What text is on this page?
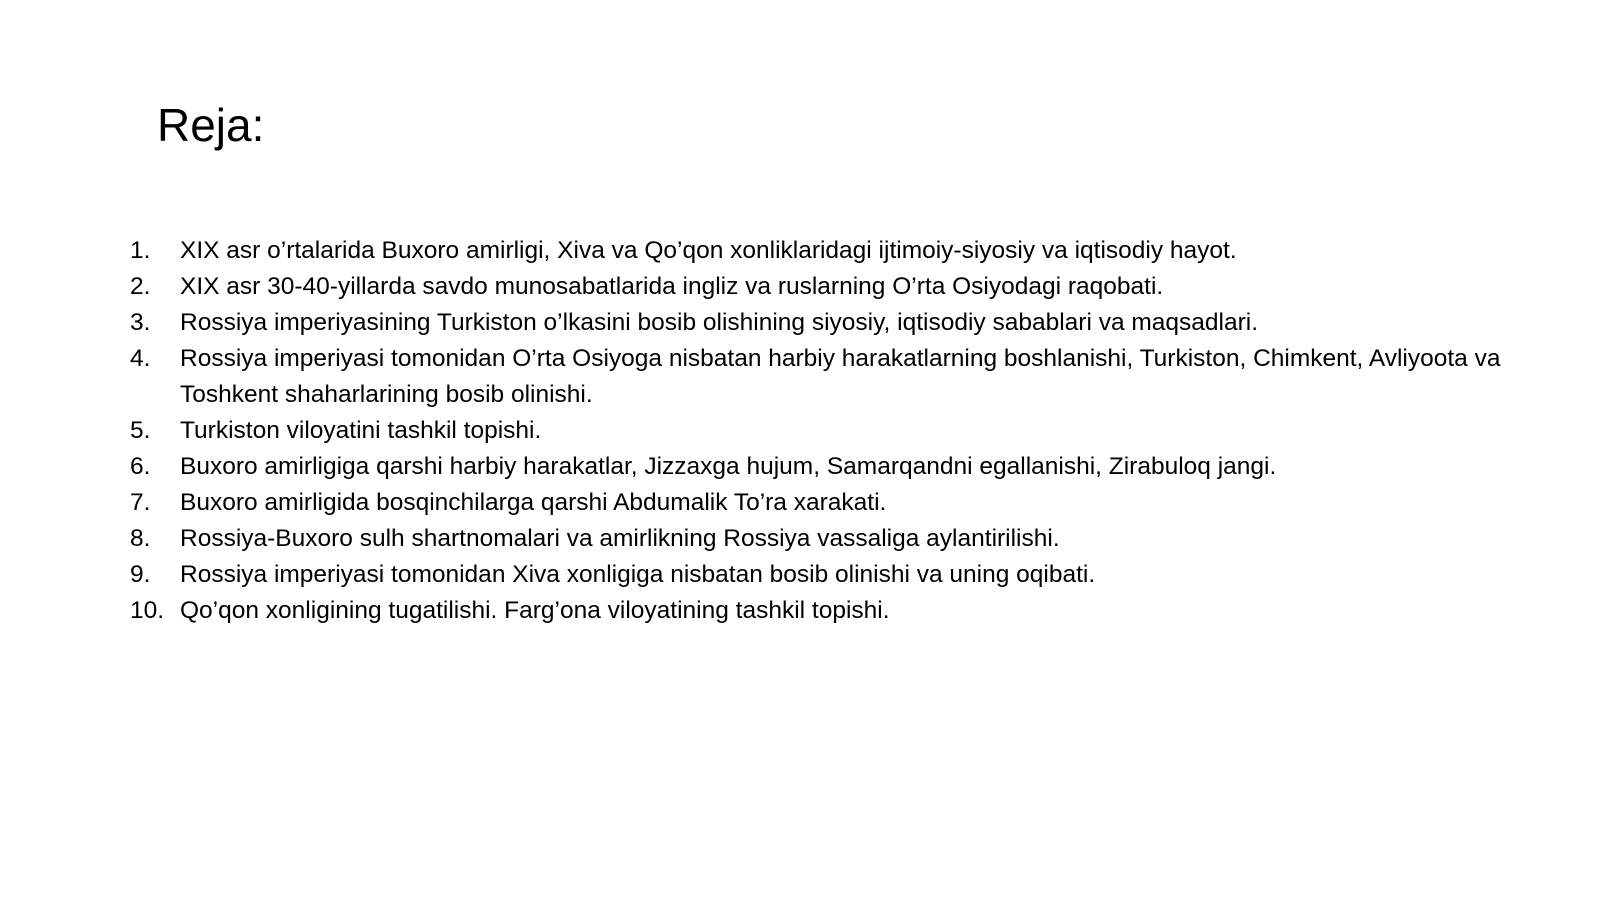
Reja:
1.	XIX asr o’rtalarida Buxoro amirligi, Xiva va Qo’qon xonliklaridagi ijtimoiy-siyosiy va iqtisodiy hayot.
2.	XIX asr 30-40-yillarda savdo munosabatlarida ingliz va ruslarning O’rta Osiyodagi raqobati.
3.	Rossiya imperiyasining Turkiston o’lkasini bosib olishining siyosiy, iqtisodiy sabablari va maqsadlari.
4.	Rossiya imperiyasi tomonidan O’rta Osiyoga nisbatan harbiy harakatlarning boshlanishi, Turkiston, Chimkent, Avliyoota va Toshkent shaharlarining bosib olinishi.
5.	Turkiston viloyatini tashkil topishi.
6.	Buxoro amirligiga qarshi harbiy harakatlar, Jizzaxga hujum, Samarqandni egallanishi, Zirabuloq jangi.
7.	Buxoro amirligida bosqinchilarga qarshi Abdumalik To’ra xarakati.
8.	Rossiya-Buxoro sulh shartnomalari va amirlikning Rossiya vassaliga aylantirilishi.
9.	Rossiya imperiyasi tomonidan Xiva xonligiga nisbatan bosib olinishi va uning oqibati.
10. Qo’qon xonligining tugatilishi. Farg’ona viloyatining tashkil topishi.
